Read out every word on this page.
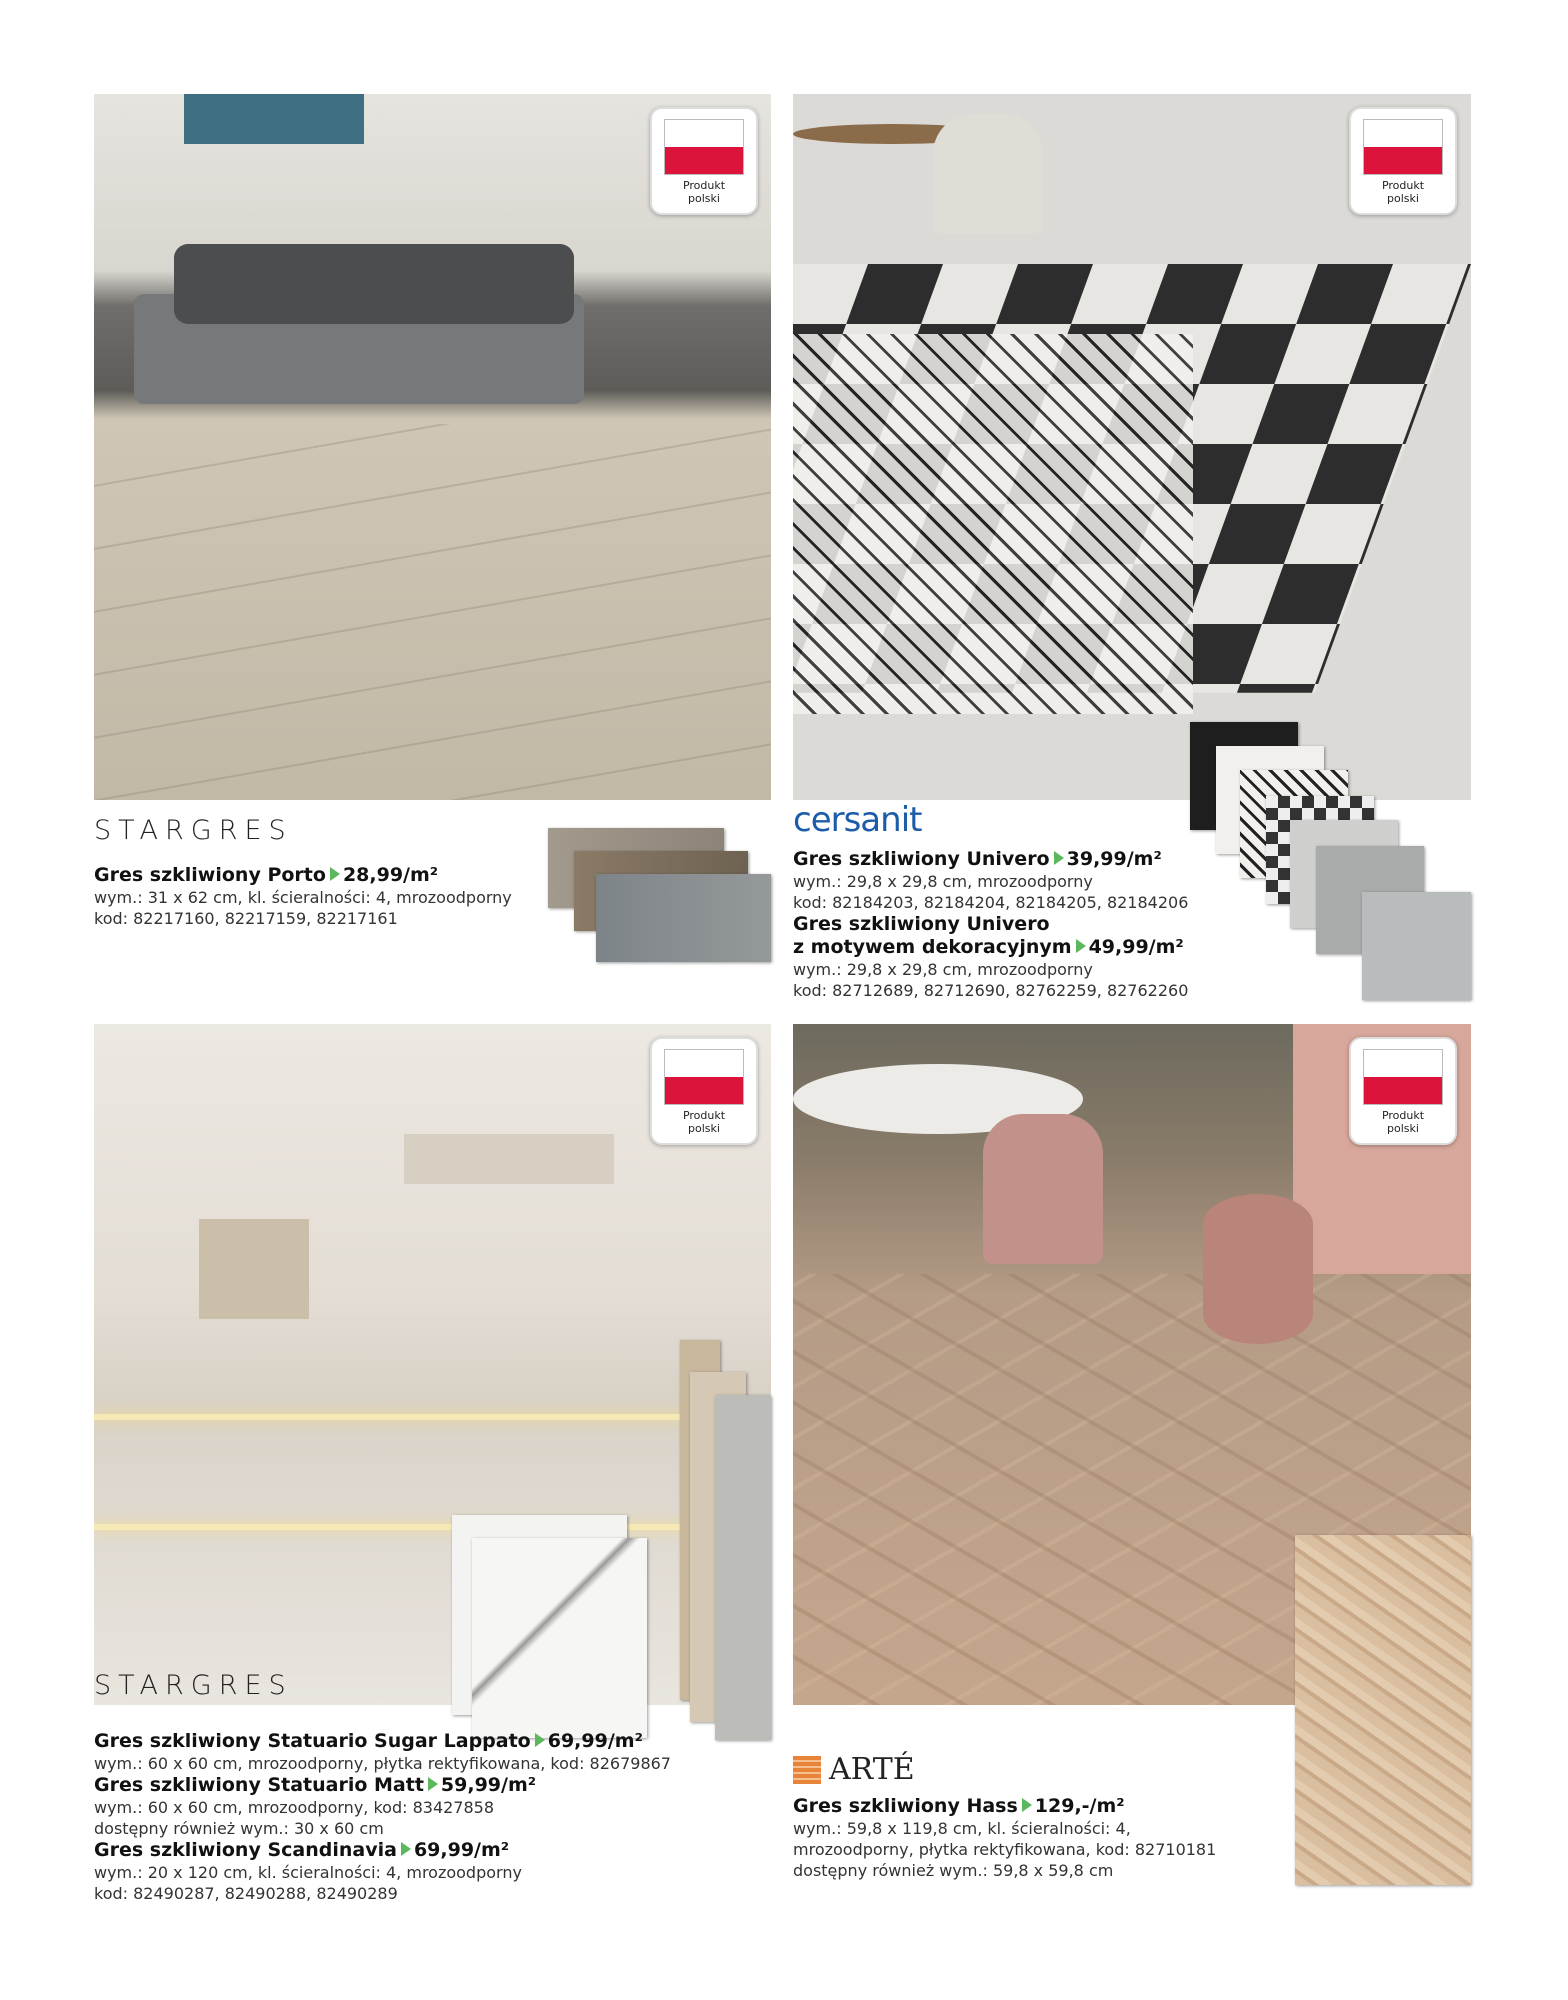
Produkt
polski
Produkt
polski
STARGRES
Gres szkliwiony Porto 28,99/m²
wym.: 31 x 62 cm, kl. ścieralności: 4, mrozoodporny
kod: 82217160, 82217159, 82217161
cersanit
Gres szkliwiony Univero 39,99/m²
wym.: 29,8 x 29,8 cm, mrozoodporny
kod: 82184203, 82184204, 82184205, 82184206
Gres szkliwiony Univero
z motywem dekoracyjnym 49,99/m²
wym.: 29,8 x 29,8 cm, mrozoodporny
kod: 82712689, 82712690, 82762259, 82762260
Produkt
polski
STARGRES
Gres szkliwiony Statuario Sugar Lappato 69,99/m²
wym.: 60 x 60 cm, mrozoodporny, płytka rektyfikowana, kod: 82679867
Gres szkliwiony Statuario Matt 59,99/m²
wym.: 60 x 60 cm, mrozoodporny, kod: 83427858
dostępny również wym.: 30 x 60 cm
Gres szkliwiony Scandinavia 69,99/m²
wym.: 20 x 120 cm, kl. ścieralności: 4, mrozoodporny
kod: 82490287, 82490288, 82490289
Produkt
polski
ARTÉ
Gres szkliwiony Hass 129,-/m²
wym.: 59,8 x 119,8 cm, kl. ścieralności: 4,
mrozoodporny, płytka rektyfikowana, kod: 82710181
dostępny również wym.: 59,8 x 59,8 cm
